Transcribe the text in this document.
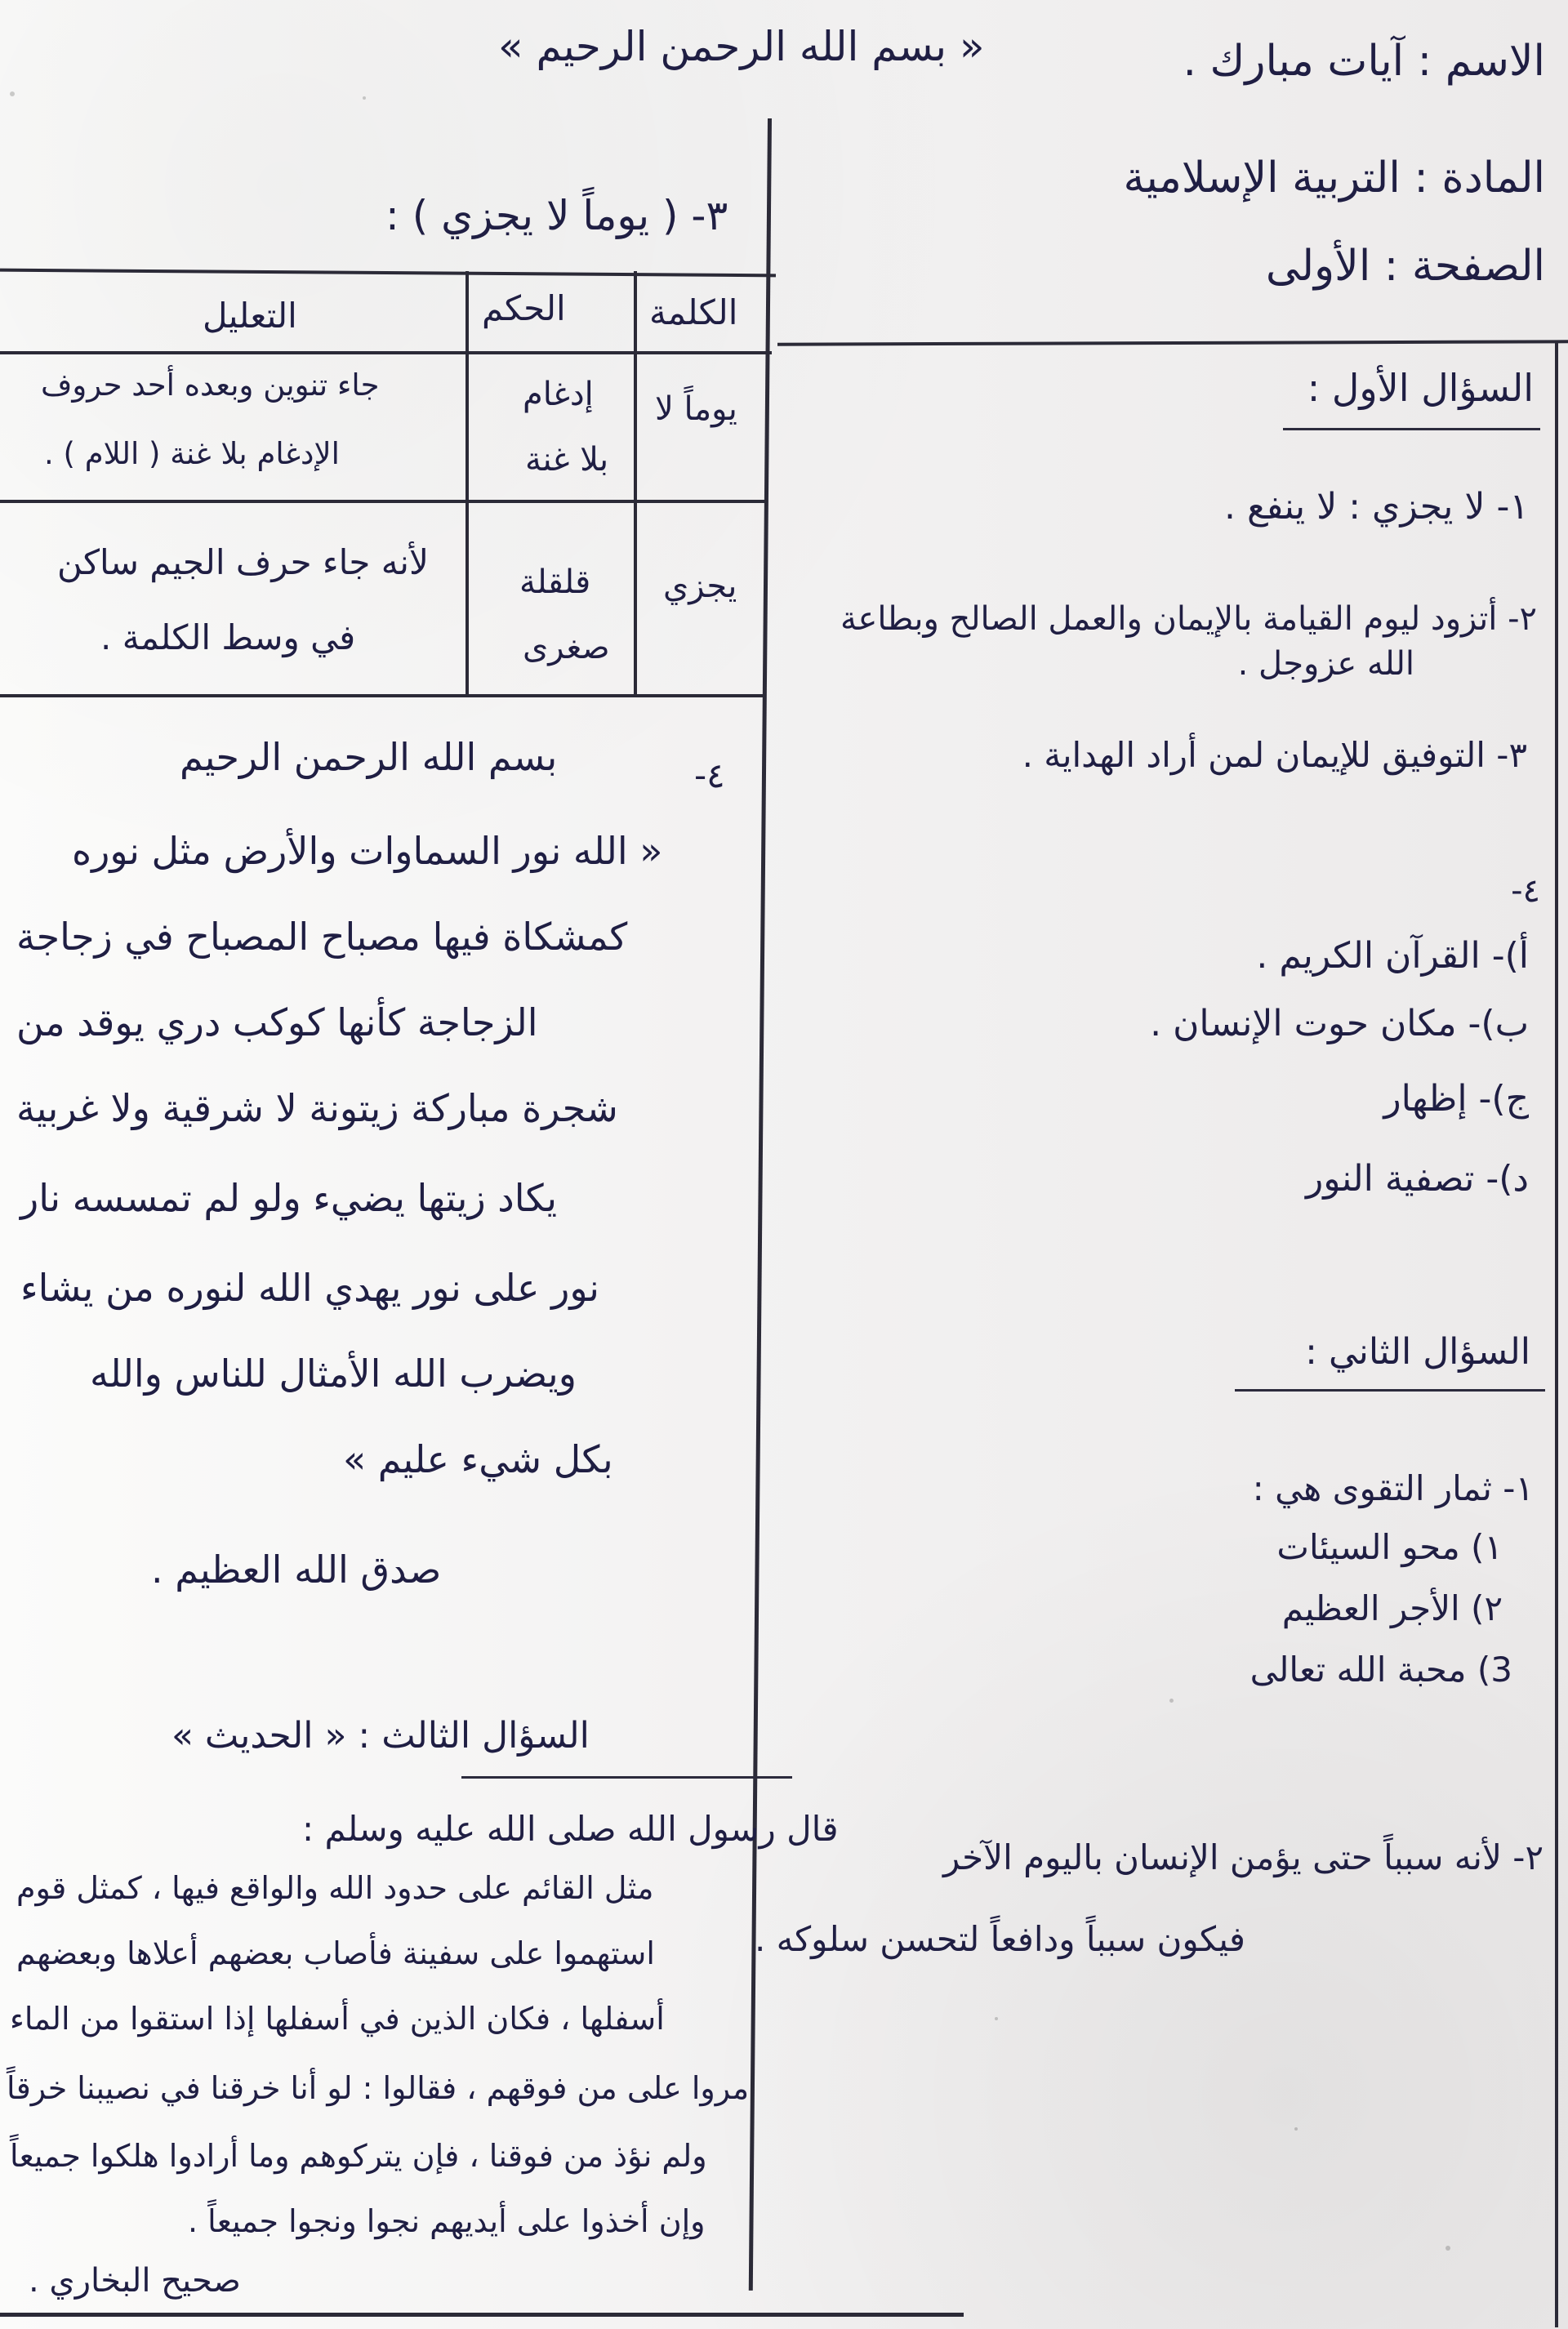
« بسم الله الرحمن الرحيم »	الاسم : آيات مبارك .
المادة : التربية الإسلامية
الصفحة : الأولى
السؤال الأول :
١- لا يجزي : لا ينفع .
٢- أتزود ليوم القيامة بالإيمان والعمل الصالح وبطاعة
الله عزوجل .
٣- التوفيق للإيمان لمن أراد الهداية .
٤-
أ)- القرآن الكريم .
ب)- مكان حوت الإنسان .
ج)- إظهار
د)- تصفية النور
السؤال الثاني :
١- ثمار التقوى هي :
١) محو السيئات
٢) الأجر العظيم
3) محبة الله تعالى
٢- لأنه سبباً حتى يؤمن الإنسان باليوم الآخر
فيكون سبباً ودافعاً لتحسن سلوكه .
٣- ( يوماً لا يجزي ) :
الكلمة
الحكم
التعليل
يوماً لا
إدغام
بلا غنة
جاء تنوين وبعده أحد حروف
الإدغام بلا غنة ( اللام ) .
يجزي
قلقلة
صغرى
لأنه جاء حرف الجيم ساكن
في وسط الكلمة .
٤-
بسم الله الرحمن الرحيم
« الله نور السماوات والأرض مثل نوره
كمشكاة فيها مصباح المصباح في زجاجة
الزجاجة كأنها كوكب دري يوقد من
شجرة مباركة زيتونة لا شرقية ولا غربية
يكاد زيتها يضيء ولو لم تمسسه نار
نور على نور يهدي الله لنوره من يشاء
ويضرب الله الأمثال للناس والله
بكل شيء عليم »
صدق الله العظيم .
السؤال الثالث : « الحديث »
قال رسول الله صلى الله عليه وسلم :
مثل القائم على حدود الله والواقع فيها ، كمثل قوم
استهموا على سفينة فأصاب بعضهم أعلاها وبعضهم
أسفلها ، فكان الذين في أسفلها إذا استقوا من الماء
مروا على من فوقهم ، فقالوا : لو أنا خرقنا في نصيبنا خرقاً
ولم نؤذ من فوقنا ، فإن يتركوهم وما أرادوا هلكوا جميعاً
وإن أخذوا على أيديهم نجوا ونجوا جميعاً .
صحيح البخاري .
